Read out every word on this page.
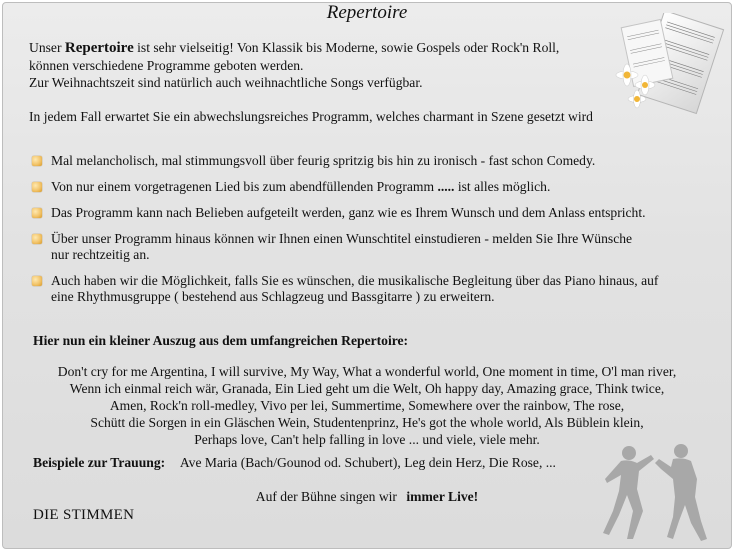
Repertoire
Unser Repertoire ist sehr vielseitig! Von Klassik bis Moderne, sowie Gospels oder Rock'n Roll,
können verschiedene Programme geboten werden.
Zur Weihnachtszeit sind natürlich auch weihnachtliche Songs verfügbar.
In jedem Fall erwartet Sie ein abwechslungsreiches Programm, welches charmant in Szene gesetzt wird
Mal melancholisch, mal stimmungsvoll über feurig spritzig bis hin zu ironisch - fast schon Comedy.
Von nur einem vorgetragenen Lied bis zum abendfüllenden Programm ..... ist alles möglich.
Das Programm kann nach Belieben aufgeteilt werden, ganz wie es Ihrem Wunsch und dem Anlass entspricht.
Über unser Programm hinaus können wir Ihnen einen Wunschtitel einstudieren - melden Sie Ihre Wünsche
nur rechtzeitig an.
Auch haben wir die Möglichkeit, falls Sie es wünschen, die musikalische Begleitung über das Piano hinaus, auf
eine Rhythmusgruppe ( bestehend aus Schlagzeug und Bassgitarre ) zu erweitern.
Hier nun ein kleiner Auszug aus dem umfangreichen Repertoire:
Don't cry for me Argentina, I will survive, My Way, What a wonderful world, One moment in time, O'l man river,
Wenn ich einmal reich wär, Granada, Ein Lied geht um die Welt, Oh happy day, Amazing grace, Think twice,
Amen, Rock'n roll-medley, Vivo per lei, Summertime, Somewhere over the rainbow, The rose,
Schütt die Sorgen in ein Gläschen Wein, Studentenprinz, He's got the whole world, Als Büblein klein,
Perhaps love, Can't help falling in love ... und viele, viele mehr.
Beispiele zur Trauung: Ave Maria (Bach/Gounod od. Schubert), Leg dein Herz, Die Rose, ...
Auf der Bühne singen wir immer Live!
DIE STIMMEN
